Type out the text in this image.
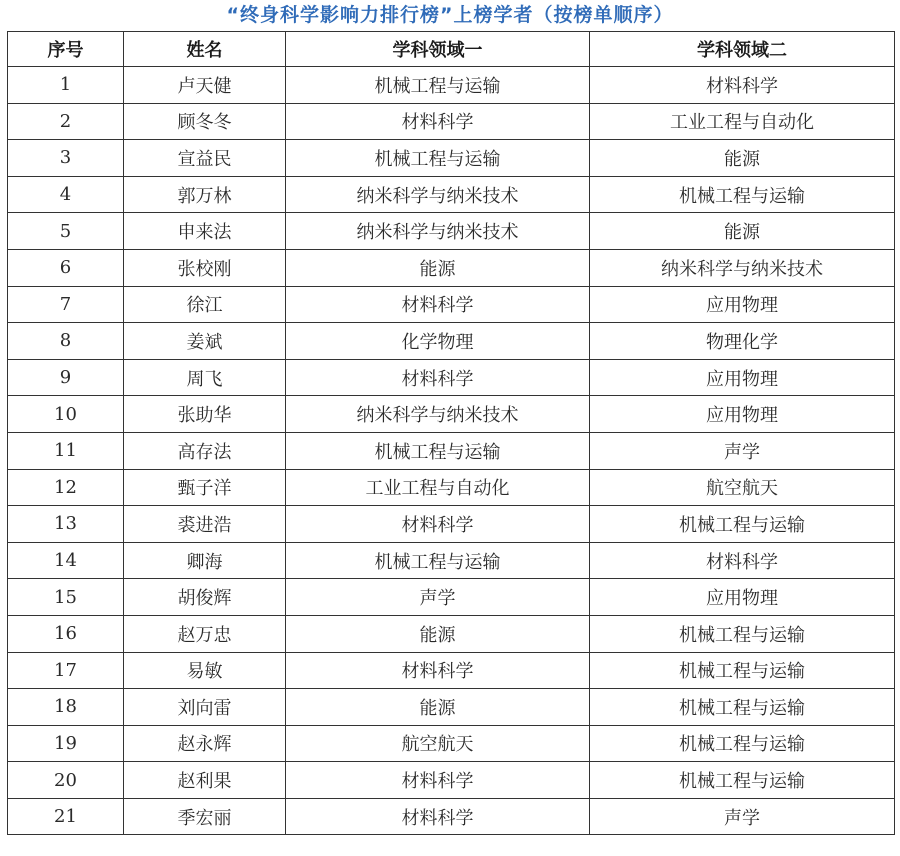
“终身科学影响力排行榜”上榜学者（按榜单顺序）
序号	姓名	学科领域一	学科领域二
1	卢天健	机械工程与运输	材料科学
2	顾冬冬	材料科学	工业工程与自动化
3	宣益民	机械工程与运输	能源
4	郭万林	纳米科学与纳米技术	机械工程与运输
5	申来法	纳米科学与纳米技术	能源
6	张校刚	能源	纳米科学与纳米技术
7	徐江	材料科学	应用物理
8	姜斌	化学物理	物理化学
9	周飞	材料科学	应用物理
10	张助华	纳米科学与纳米技术	应用物理
11	高存法	机械工程与运输	声学
12	甄子洋	工业工程与自动化	航空航天
13	裘进浩	材料科学	机械工程与运输
14	卿海	机械工程与运输	材料科学
15	胡俊辉	声学	应用物理
16	赵万忠	能源	机械工程与运输
17	易敏	材料科学	机械工程与运输
18	刘向雷	能源	机械工程与运输
19	赵永辉	航空航天	机械工程与运输
20	赵利果	材料科学	机械工程与运输
21	季宏丽	材料科学	声学
